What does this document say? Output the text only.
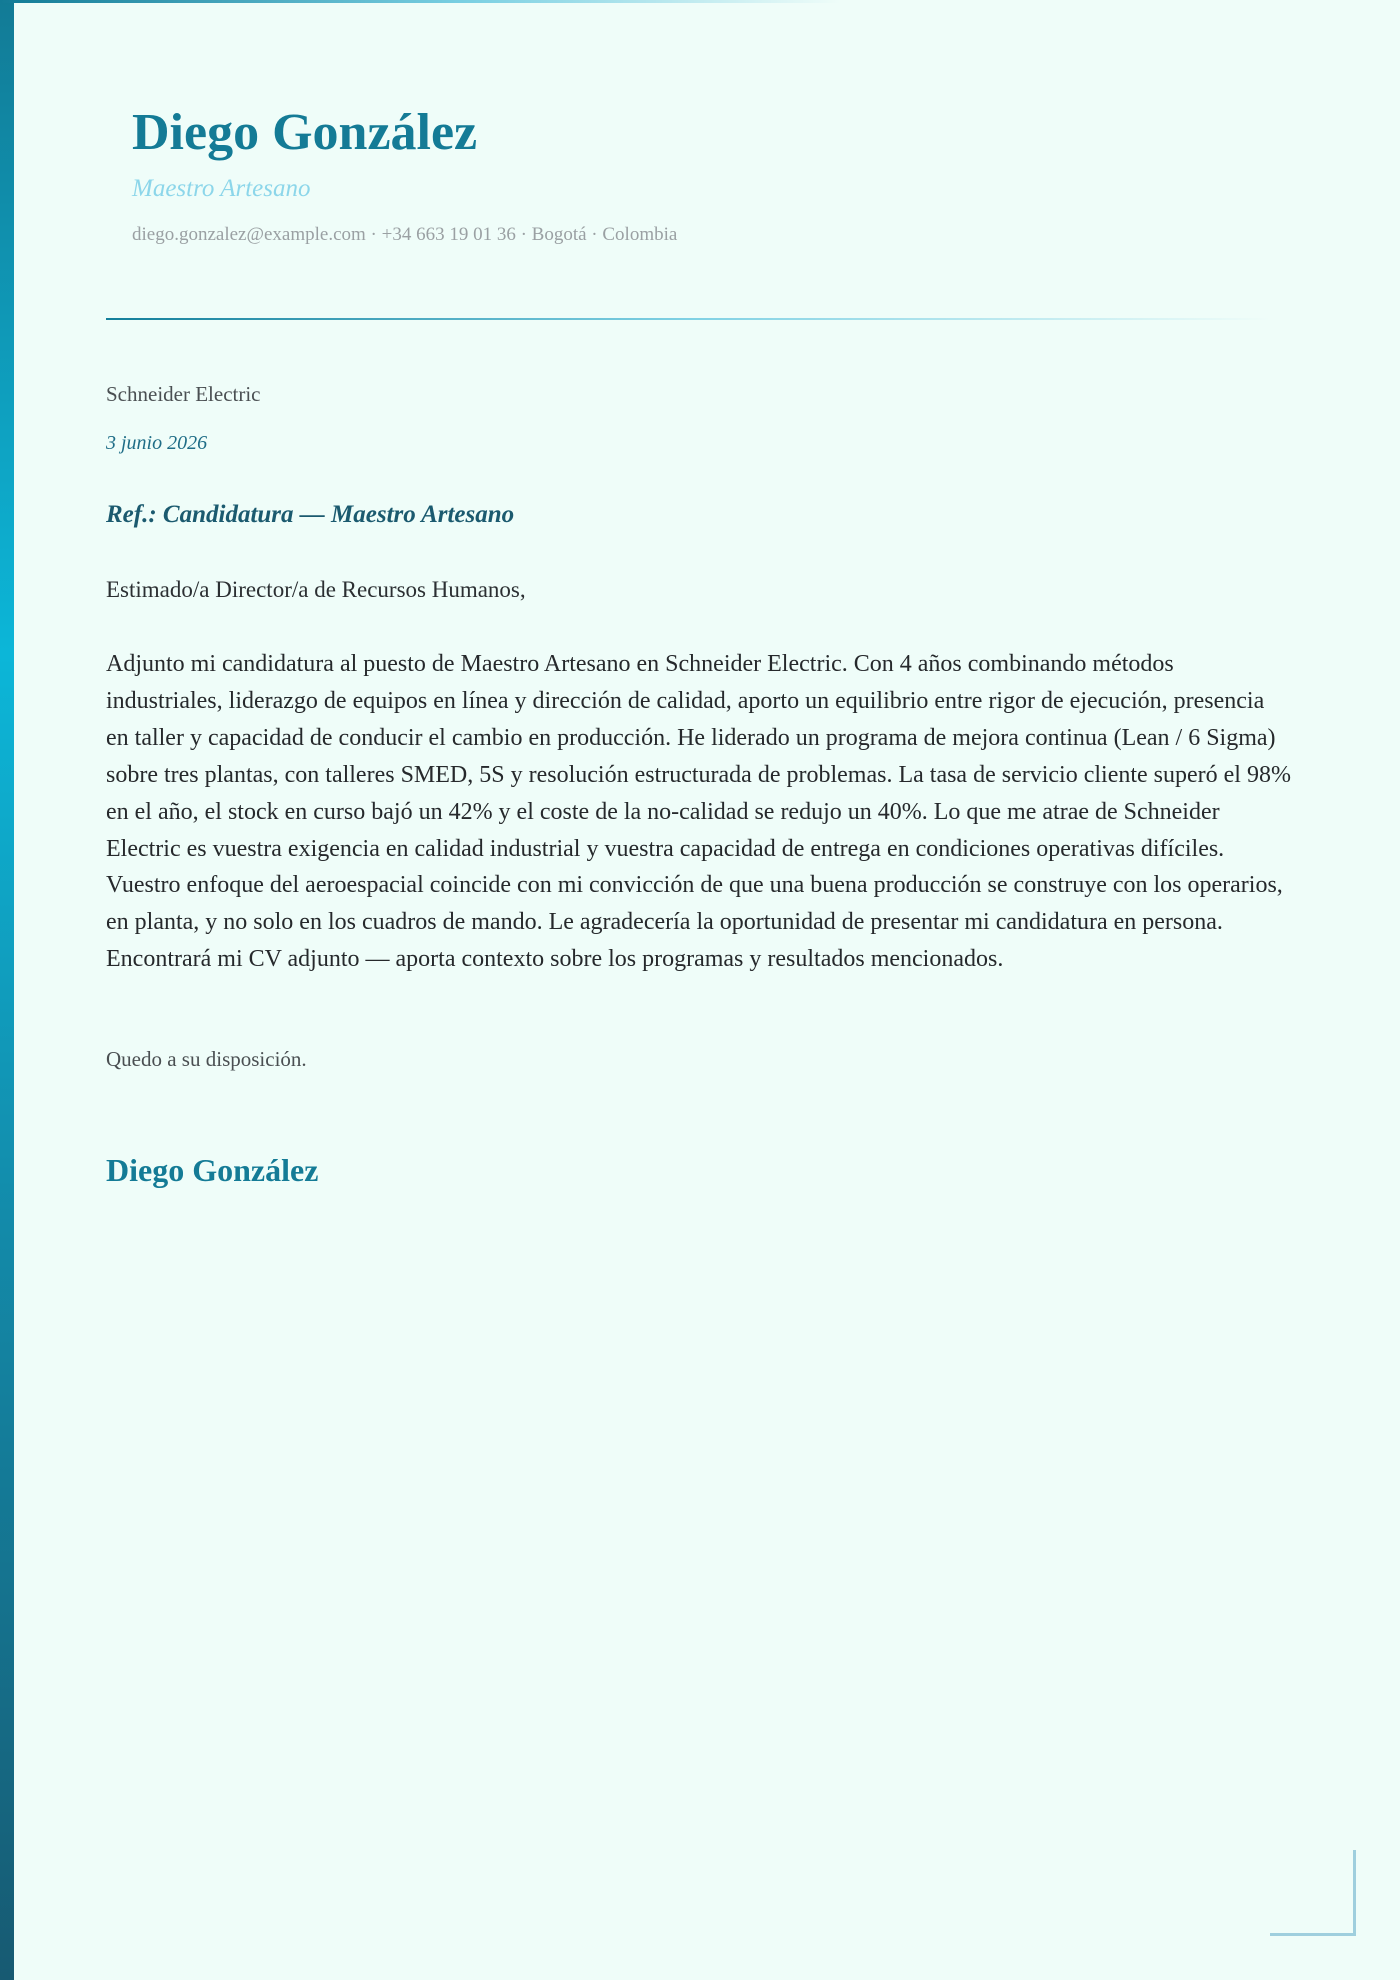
Diego González
Maestro Artesano
diego.gonzalez@example.com · +34 663 19 01 36 · Bogotá · Colombia
Schneider Electric
3 junio 2026
Ref.: Candidatura — Maestro Artesano
Estimado/a Director/a de Recursos Humanos,

Adjunto mi candidatura al puesto de Maestro Artesano en Schneider Electric. Con 4 años combinando métodos industriales, liderazgo de equipos en línea y dirección de calidad, aporto un equilibrio entre rigor de ejecución, presencia en taller y capacidad de conducir el cambio en producción. He liderado un programa de mejora continua (Lean / 6 Sigma) sobre tres plantas, con talleres SMED, 5S y resolución estructurada de problemas. La tasa de servicio cliente superó el 98% en el año, el stock en curso bajó un 42% y el coste de la no-calidad se redujo un 40%. Lo que me atrae de Schneider Electric es vuestra exigencia en calidad industrial y vuestra capacidad de entrega en condiciones operativas difíciles. Vuestro enfoque del aeroespacial coincide con mi convicción de que una buena producción se construye con los operarios, en planta, y no solo en los cuadros de mando. Le agradecería la oportunidad de presentar mi candidatura en persona. Encontrará mi CV adjunto — aporta contexto sobre los programas y resultados mencionados.

Quedo a su disposición.
Diego González
